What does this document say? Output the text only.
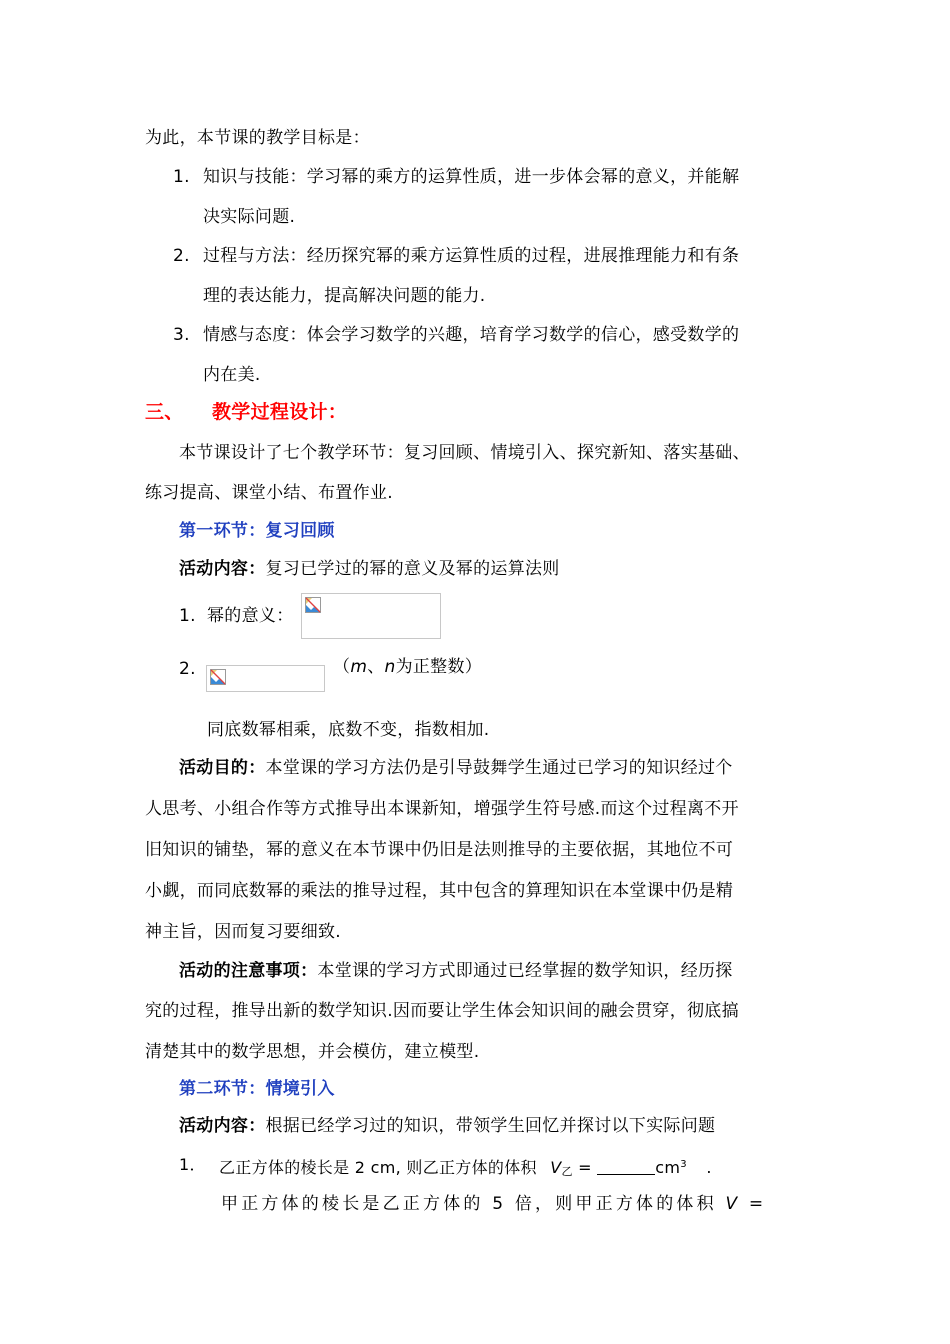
为此，本节课的教学目标是：
1. 知识与技能：学习幂的乘方的运算性质，进一步体会幂的意义，并能解
决实际问题.
2. 过程与方法：经历探究幂的乘方运算性质的过程，进展推理能力和有条
理的表达能力，提高解决问题的能力.
3. 情感与态度：体会学习数学的兴趣，培育学习数学的信心，感受数学的
内在美.
三、 教学过程设计：
本节课设计了七个教学环节：复习回顾、情境引入、探究新知、落实基础、
练习提高、课堂小结、布置作业.
第一环节：复习回顾
活动内容：复习已学过的幂的意义及幂的运算法则
1. 幂的意义：
2.	（m、n为正整数）
同底数幂相乘，底数不变，指数相加.
活动目的：本堂课的学习方法仍是引导鼓舞学生通过已学习的知识经过个
人思考、小组合作等方式推导出本课新知，增强学生符号感.而这个过程离不开
旧知识的铺垫，幂的意义在本节课中仍旧是法则推导的主要依据，其地位不可
小觑，而同底数幂的乘法的推导过程，其中包含的算理知识在本堂课中仍是精
神主旨，因而复习要细致.
活动的注意事项：本堂课的学习方式即通过已经掌握的数学知识，经历探
究的过程，推导出新的数学知识.因而要让学生体会知识间的融会贯穿，彻底搞
清楚其中的数学思想，并会模仿，建立模型.
第二环节：情境引入
活动内容：根据已经学习过的知识，带领学生回忆并探讨以下实际问题
1． 乙正方体的棱长是 2 cm, 则乙正方体的体积 V乙 =	$cm^3$ .
甲正方体的棱长是乙正方体的 5 倍，则甲正方体的体积 V =
